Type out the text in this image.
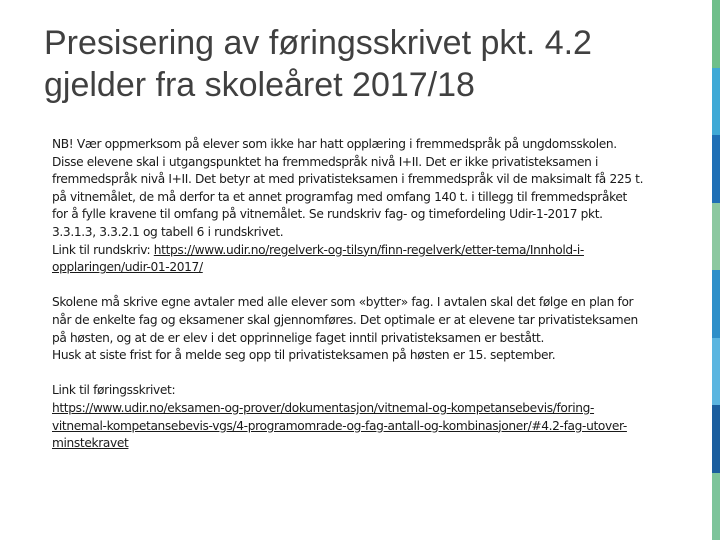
Presisering av føringsskrivet pkt. 4.2
gjelder fra skoleåret 2017/18
NB! Vær oppmerksom på elever som ikke har hatt opplæring i fremmedspråk på ungdomsskolen.
Disse elevene skal i utgangspunktet ha fremmedspråk nivå I+II. Det er ikke privatisteksamen i
fremmedspråk nivå I+II. Det betyr at med privatisteksamen i fremmedspråk vil de maksimalt få 225 t.
på vitnemålet, de må derfor ta et annet programfag med omfang 140 t. i tillegg til fremmedspråket
for å fylle kravene til omfang på vitnemålet. Se rundskriv fag- og timefordeling Udir-1-2017 pkt.
3.3.1.3, 3.3.2.1 og tabell 6 i rundskrivet.
Link til rundskriv: https://www.udir.no/regelverk-og-tilsyn/finn-regelverk/etter-tema/Innhold-i-
opplaringen/udir-01-2017/
Skolene må skrive egne avtaler med alle elever som «bytter» fag. I avtalen skal det følge en plan for
når de enkelte fag og eksamener skal gjennomføres. Det optimale er at elevene tar privatisteksamen
på høsten, og at de er elev i det opprinnelige faget inntil privatisteksamen er bestått.
Husk at siste frist for å melde seg opp til privatisteksamen på høsten er 15. september.
Link til føringsskrivet:
https://www.udir.no/eksamen-og-prover/dokumentasjon/vitnemal-og-kompetansebevis/foring-
vitnemal-kompetansebevis-vgs/4-programomrade-og-fag-antall-og-kombinasjoner/#4.2-fag-utover-
minstekravet
